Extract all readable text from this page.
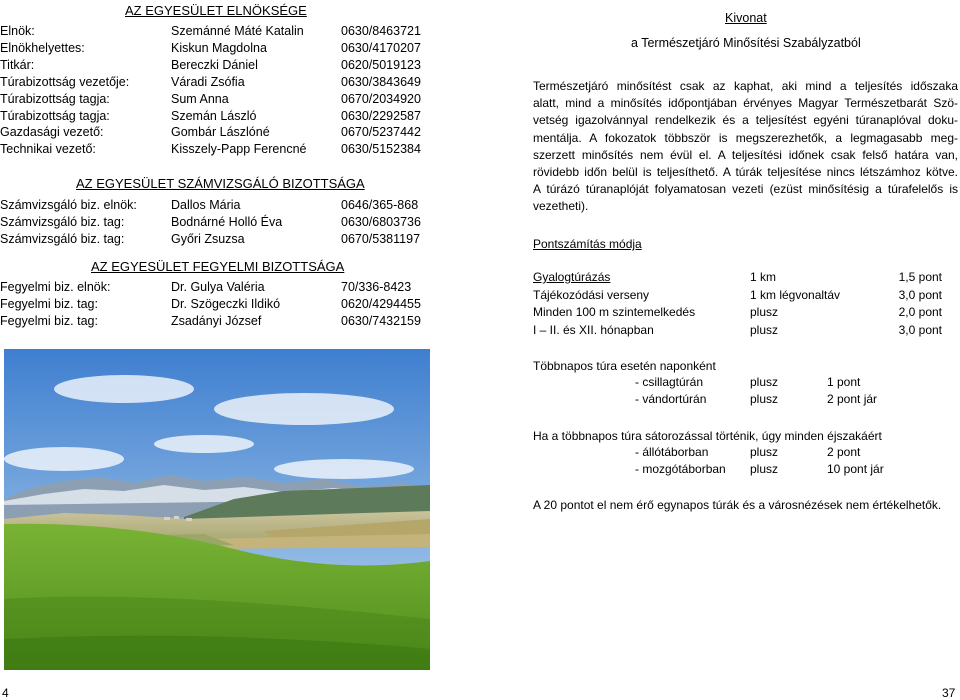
AZ EGYESÜLET ELNÖKSÉGE
Elnök:	Szemánné Máté Katalin	0630/8463721
Elnökhelyettes:	Kiskun Magdolna	0630/4170207
Titkár:	Bereczki Dániel	0620/5019123
Túrabizottság vezetője:	Váradi Zsófia	0630/3843649
Túrabizottság tagja:	Sum Anna	0670/2034920
Túrabizottság tagja:	Szemán László	0630/2292587
Gazdasági vezető:	Gombár Lászlóné	0670/5237442
Technikai vezető:	Kisszely-Papp Ferencné	0630/5152384
AZ EGYESÜLET SZÁMVIZSGÁLÓ BIZOTTSÁGA
Számvizsgáló biz. elnök:	Dallos Mária	0646/365-868
Számvizsgáló biz. tag:	Bodnárné Holló Éva	0630/6803736
Számvizsgáló biz. tag:	Győri Zsuzsa	0670/5381197
AZ EGYESÜLET FEGYELMI BIZOTTSÁGA
Fegyelmi biz. elnök:	Dr. Gulya Valéria	70/336-8423
Fegyelmi biz. tag:	Dr. Szögeczki Ildikó	0620/4294455
Fegyelmi biz. tag:	Zsadányi József	0630/7432159
4
Kivonat
a Természetjáró Minősítési Szabályzatból
Természetjáró minősítést csak az kaphat, aki mind a teljesítés időszaka
alatt, mind a minősítés időpontjában érvényes Magyar Természetbarát Szö-
vetség igazolvánnyal rendelkezik és a teljesítést egyéni túranaplóval doku-
mentálja. A fokozatok többször is megszerezhetők, a legmagasabb meg-
szerzett minősítés nem évül el. A teljesítési időnek csak felső határa van,
rövidebb időn belül is teljesíthető. A túrák teljesítése nincs létszámhoz kötve.
A túrázó túranaplóját folyamatosan vezeti (ezüst minősítésig a túrafelelős is
vezetheti).
Pontszámítás módja
Gyalogtúrázás	1 km	1,5 pont
Tájékozódási verseny	1 km légvonaltáv	3,0 pont
Minden 100 m szintemelkedés	plusz	2,0 pont
I – II. és XII. hónapban	plusz	3,0 pont
Többnapos túra esetén naponként
- csillagtúrán	plusz	1 pont
- vándortúrán	plusz	2 pont jár
Ha a többnapos túra sátorozással történik, úgy minden éjszakáért
- állótáborban	plusz	2 pont
- mozgótáborban plusz	10 pont jár
A 20 pontot el nem érő egynapos túrák és a városnézések nem értékelhetők.
37
